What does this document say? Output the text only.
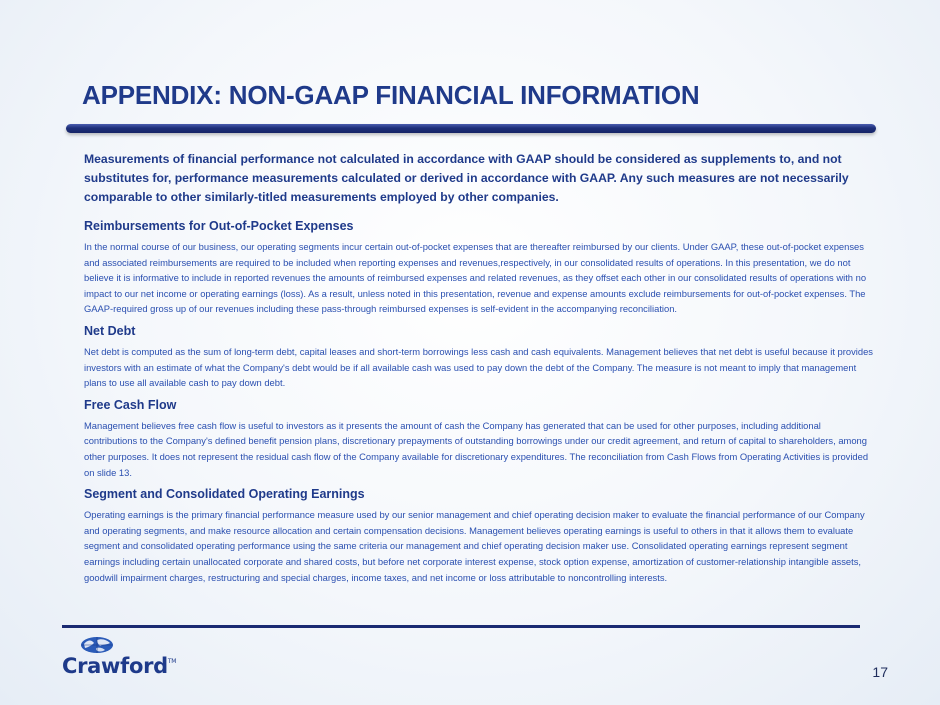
APPENDIX: NON-GAAP FINANCIAL INFORMATION

Measurements of financial performance not calculated in accordance with GAAP should be considered as supplements to, and not substitutes for, performance measurements calculated or derived in accordance with GAAP. Any such measures are not necessarily comparable to other similarly-titled measurements employed by other companies.

Reimbursements for Out-of-Pocket Expenses

In the normal course of our business, our operating segments incur certain out-of-pocket expenses that are thereafter reimbursed by our clients. Under GAAP, these out-of-pocket expenses and associated reimbursements are required to be included when reporting expenses and revenues,respectively, in our consolidated results of operations. In this presentation, we do not believe it is informative to include in reported revenues the amounts of reimbursed expenses and related revenues, as they offset each other in our consolidated results of operations with no impact to our net income or operating earnings (loss). As a result, unless noted in this presentation, revenue and expense amounts exclude reimbursements for out-of-pocket expenses. The GAAP-required gross up of our revenues including these pass-through reimbursed expenses is self-evident in the accompanying reconciliation.

Net Debt

Net debt is computed as the sum of long-term debt, capital leases and short-term borrowings less cash and cash equivalents. Management believes that net debt is useful because it provides investors with an estimate of what the Company's debt would be if all available cash was used to pay down the debt of the Company. The measure is not meant to imply that management plans to use all available cash to pay down debt.

Free Cash Flow

Management believes free cash flow is useful to investors as it presents the amount of cash the Company has generated that can be used for other purposes, including additional contributions to the Company's defined benefit pension plans, discretionary prepayments of outstanding borrowings under our credit agreement, and return of capital to shareholders, among other purposes. It does not represent the residual cash flow of the Company available for discretionary expenditures. The reconciliation from Cash Flows from Operating Activities is provided on slide 13.

Segment and Consolidated Operating Earnings

Operating earnings is the primary financial performance measure used by our senior management and chief operating decision maker to evaluate the financial performance of our Company and operating segments, and make resource allocation and certain compensation decisions. Management believes operating earnings is useful to others in that it allows them to evaluate segment and consolidated operating performance using the same criteria our management and chief operating decision maker use. Consolidated operating earnings represent segment earnings including certain unallocated corporate and shared costs, but before net corporate interest expense, stock option expense, amortization of customer-relationship intangible assets, goodwill impairment charges, restructuring and special charges, income taxes, and net income or loss attributable to noncontrolling interests.

Crawford™
17
